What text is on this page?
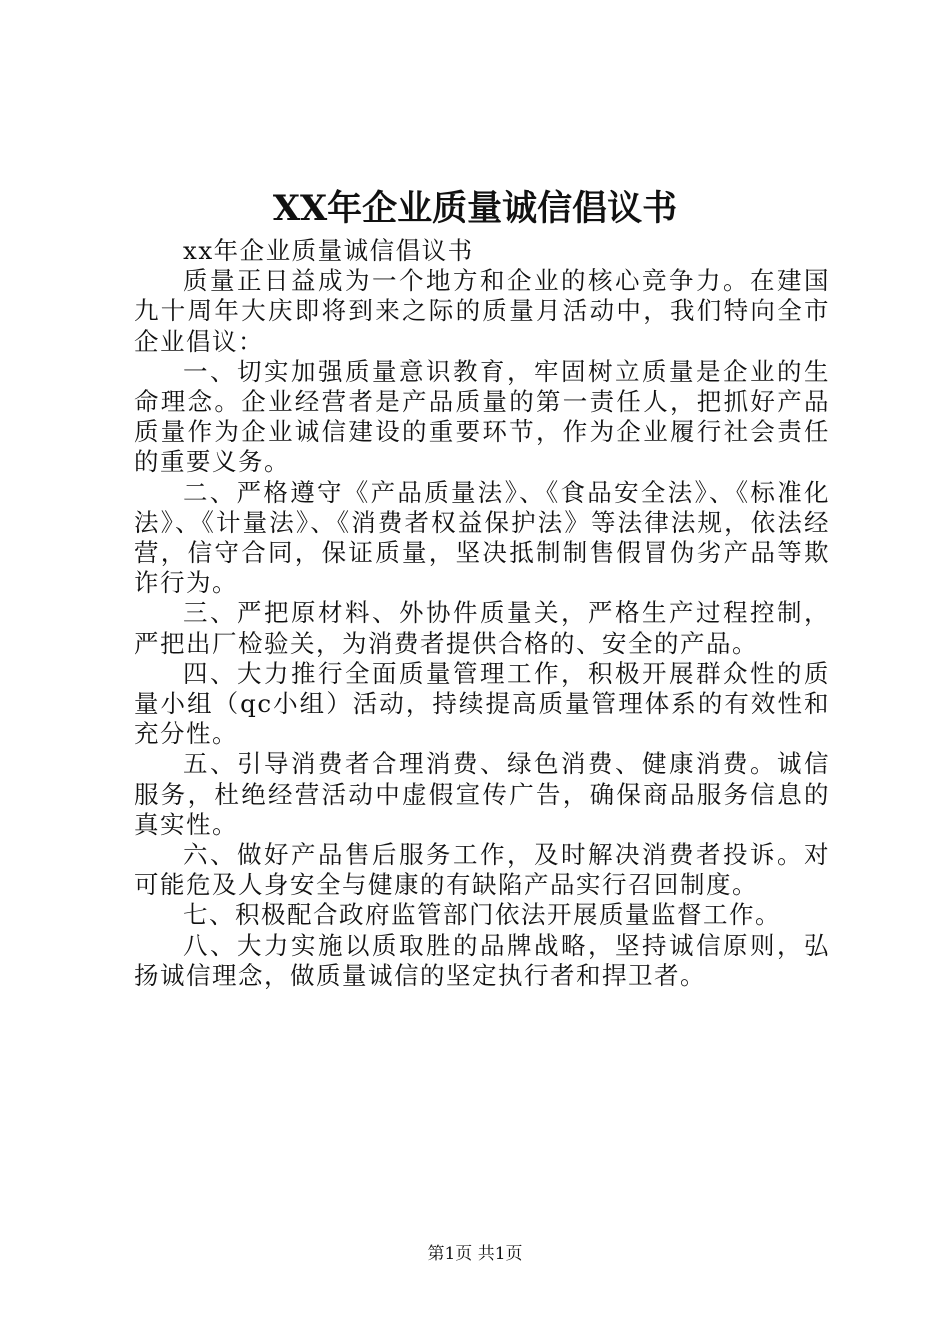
XX年企业质量诚信倡议书

xx年企业质量诚信倡议书

质量正日益成为一个地方和企业的核心竞争力。在建国九十周年大庆即将到来之际的质量月活动中，我们特向全市企业倡议：

一、切实加强质量意识教育，牢固树立质量是企业的生命理念。企业经营者是产品质量的第一责任人，把抓好产品质量作为企业诚信建设的重要环节，作为企业履行社会责任的重要义务。

二、严格遵守《产品质量法》、《食品安全法》、《标准化法》、《计量法》、《消费者权益保护法》等法律法规，依法经营，信守合同，保证质量，坚决抵制制售假冒伪劣产品等欺诈行为。

三、严把原材料、外协件质量关，严格生产过程控制，严把出厂检验关，为消费者提供合格的、安全的产品。

四、大力推行全面质量管理工作，积极开展群众性的质量小组（qc小组）活动，持续提高质量管理体系的有效性和充分性。

五、引导消费者合理消费、绿色消费、健康消费。诚信服务，杜绝经营活动中虚假宣传广告，确保商品服务信息的真实性。

六、做好产品售后服务工作，及时解决消费者投诉。对可能危及人身安全与健康的有缺陷产品实行召回制度。

七、积极配合政府监管部门依法开展质量监督工作。

八、大力实施以质取胜的品牌战略，坚持诚信原则，弘扬诚信理念，做质量诚信的坚定执行者和捍卫者。

第1页 共1页
